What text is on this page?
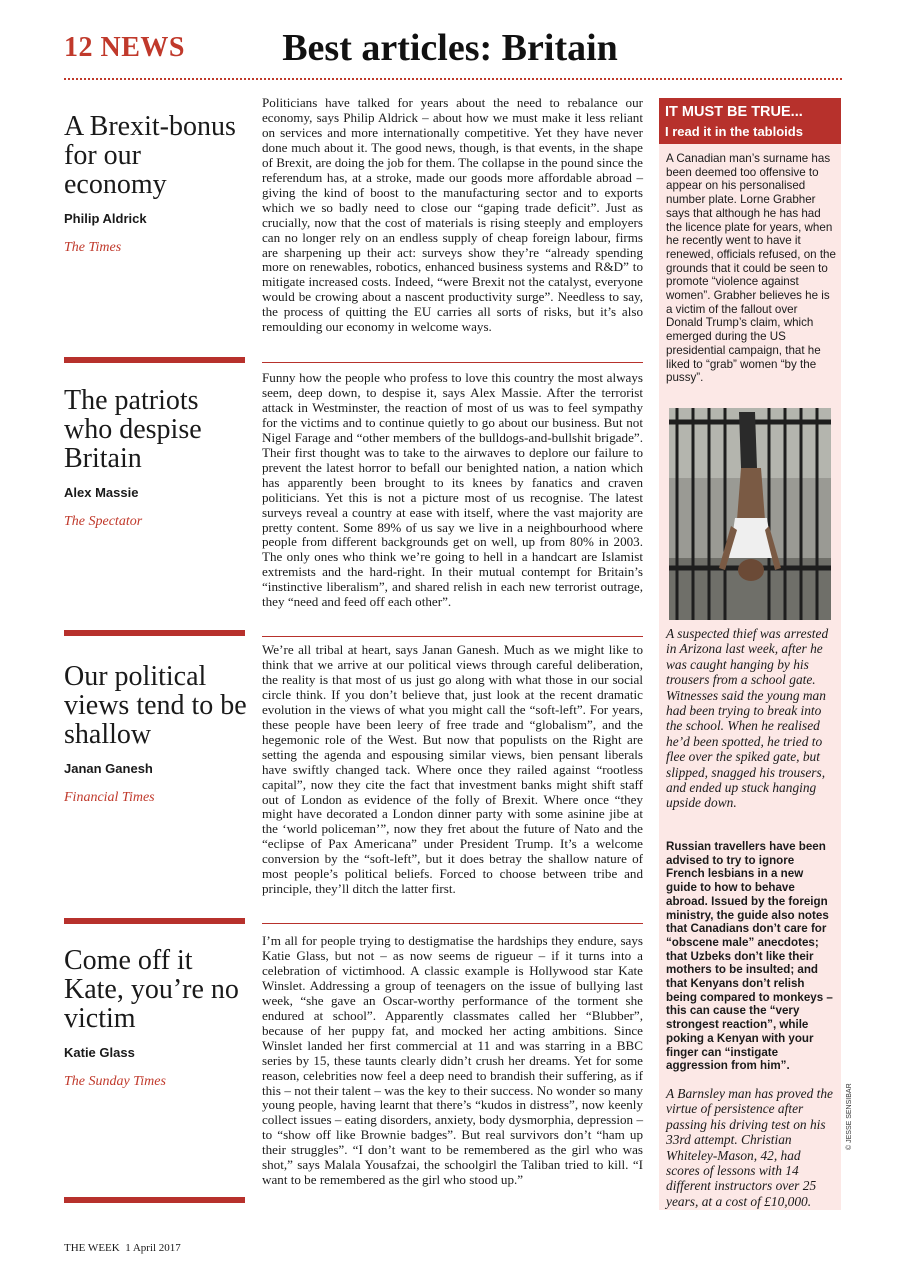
12 NEWS	Best articles: Britain
A Brexit-bonus for our economy
Philip Aldrick
The Times
Politicians have talked for years about the need to rebalance our economy, says Philip Aldrick – about how we must make it less reliant on services and more internationally competitive. Yet they have never done much about it. The good news, though, is that events, in the shape of Brexit, are doing the job for them. The collapse in the pound since the referendum has, at a stroke, made our goods more affordable abroad – giving the kind of boost to the manufacturing sector and to exports which we so badly need to close our “gaping trade deficit”. Just as crucially, now that the cost of materials is rising steeply and employers can no longer rely on an endless supply of cheap foreign labour, firms are sharpening up their act: surveys show they’re “already spending more on renewables, robotics, enhanced business systems and R&D” to mitigate increased costs. Indeed, “were Brexit not the catalyst, everyone would be crowing about a nascent productivity surge”. Needless to say, the process of quitting the EU carries all sorts of risks, but it’s also remoulding our economy in welcome ways.
The patriots who despise Britain
Alex Massie
The Spectator
Funny how the people who profess to love this country the most always seem, deep down, to despise it, says Alex Massie. After the terrorist attack in Westminster, the reaction of most of us was to feel sympathy for the victims and to continue quietly to go about our business. But not Nigel Farage and “other members of the bulldogs-and-bullshit brigade”. Their first thought was to take to the airwaves to deplore our failure to prevent the latest horror to befall our benighted nation, a nation which has apparently been brought to its knees by fanatics and craven politicians. Yet this is not a picture most of us recognise. The latest surveys reveal a country at ease with itself, where the vast majority are pretty content. Some 89% of us say we live in a neighbourhood where people from different backgrounds get on well, up from 80% in 2003. The only ones who think we’re going to hell in a handcart are Islamist extremists and the hard-right. In their mutual contempt for Britain’s “instinctive liberalism”, and shared relish in each new terrorist outrage, they “need and feed off each other”.
Our political views tend to be shallow
Janan Ganesh
Financial Times
We’re all tribal at heart, says Janan Ganesh. Much as we might like to think that we arrive at our political views through careful deliberation, the reality is that most of us just go along with what those in our social circle think. If you don’t believe that, just look at the recent dramatic evolution in the views of what you might call the “soft-left”. For years, these people have been leery of free trade and “globalism”, and the hegemonic role of the West. But now that populists on the Right are setting the agenda and espousing similar views, bien pensant liberals have swiftly changed tack. Where once they railed against “rootless capital”, now they cite the fact that investment banks might shift staff out of London as evidence of the folly of Brexit. Where once “they might have decorated a London dinner party with some asinine jibe at the ‘world policeman’”, now they fret about the future of Nato and the “eclipse of Pax Americana” under President Trump. It’s a welcome conversion by the “soft-left”, but it does betray the shallow nature of most people’s political beliefs. Forced to choose between tribe and principle, they’ll ditch the latter first.
Come off it Kate, you’re no victim
Katie Glass
The Sunday Times
I’m all for people trying to destigmatise the hardships they endure, says Katie Glass, but not – as now seems de rigueur – if it turns into a celebration of victimhood. A classic example is Hollywood star Kate Winslet. Addressing a group of teenagers on the issue of bullying last week, “she gave an Oscar-worthy performance of the torment she endured at school”. Apparently classmates called her “Blubber”, because of her puppy fat, and mocked her acting ambitions. Since Winslet landed her first commercial at 11 and was starring in a BBC series by 15, these taunts clearly didn’t crush her dreams. Yet for some reason, celebrities now feel a deep need to brandish their suffering, as if this – not their talent – was the key to their success. No wonder so many young people, having learnt that there’s “kudos in distress”, now keenly collect issues – eating disorders, anxiety, body dysmorphia, depression – to “show off like Brownie badges”. But real survivors don’t “ham up their struggles”. “I don’t want to be remembered as the girl who was shot,” says Malala Yousafzai, the schoolgirl the Taliban tried to kill. “I want to be remembered as the girl who stood up.”
IT MUST BE TRUE...
I read it in the tabloids
A Canadian man’s surname has been deemed too offensive to appear on his personalised number plate. Lorne Grabher says that although he has had the licence plate for years, when he recently went to have it renewed, officials refused, on the grounds that it could be seen to promote “violence against women”. Grabher believes he is a victim of the fallout over Donald Trump’s claim, which emerged during the US presidential campaign, that he liked to “grab” women “by the pussy”.
A suspected thief was arrested in Arizona last week, after he was caught hanging by his trousers from a school gate. Witnesses said the young man had been trying to break into the school. When he realised he’d been spotted, he tried to flee over the spiked gate, but slipped, snagged his trousers, and ended up stuck hanging upside down.
Russian travellers have been advised to try to ignore French lesbians in a new guide to how to behave abroad. Issued by the foreign ministry, the guide also notes that Canadians don’t care for “obscene male” anecdotes; that Uzbeks don’t like their mothers to be insulted; and that Kenyans don’t relish being compared to monkeys – this can cause the “very strongest reaction”, while poking a Kenyan with your finger can “instigate aggression from him”.
A Barnsley man has proved the virtue of persistence after passing his driving test on his 33rd attempt. Christian Whiteley-Mason, 42, had scores of lessons with 14 different instructors over 25 years, at a cost of £10,000.
© JESSE SENSIBAR
THE WEEK  1 April 2017
